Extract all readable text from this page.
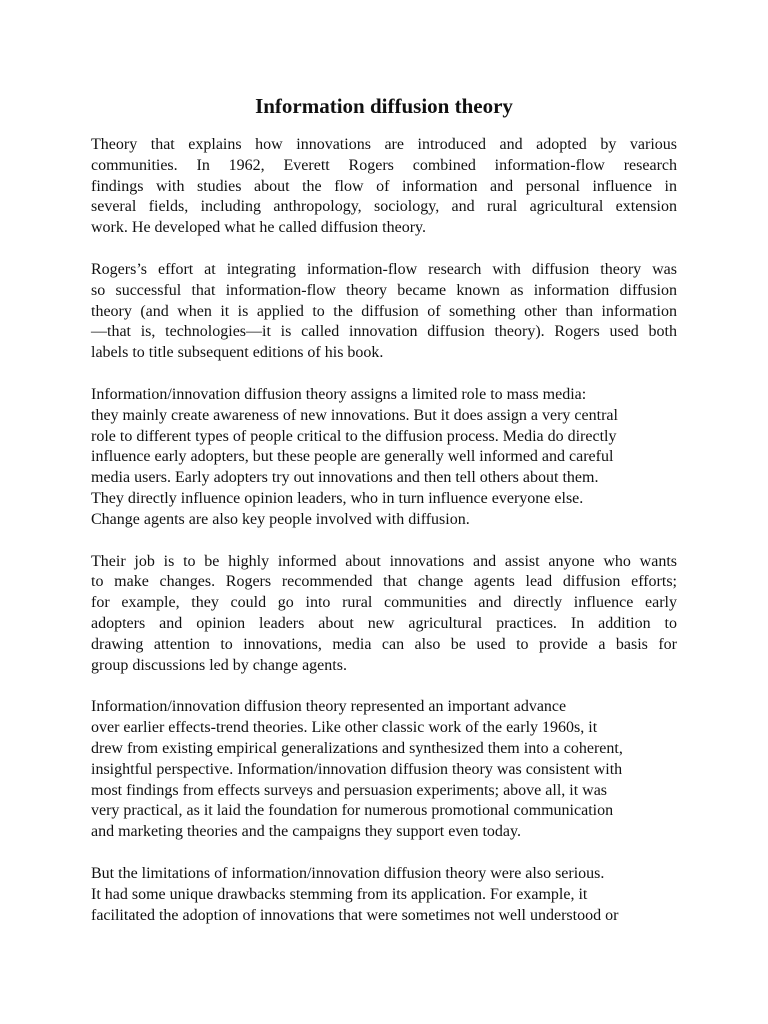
Information diffusion theory

Theory that explains how innovations are introduced and adopted by various
communities. In 1962, Everett Rogers combined information-flow research
findings with studies about the flow of information and personal influence in
several fields, including anthropology, sociology, and rural agricultural extension
work. He developed what he called diffusion theory.

Rogers’s effort at integrating information-flow research with diffusion theory was
so successful that information-flow theory became known as information diffusion
theory (and when it is applied to the diffusion of something other than information
—that is, technologies—it is called innovation diffusion theory). Rogers used both
labels to title subsequent editions of his book.

Information/innovation diffusion theory assigns a limited role to mass media:
they mainly create awareness of new innovations. But it does assign a very central
role to different types of people critical to the diffusion process. Media do directly
influence early adopters, but these people are generally well informed and careful
media users. Early adopters try out innovations and then tell others about them.
They directly influence opinion leaders, who in turn influence everyone else.
Change agents are also key people involved with diffusion.

Their job is to be highly informed about innovations and assist anyone who wants
to make changes. Rogers recommended that change agents lead diffusion efforts;
for example, they could go into rural communities and directly influence early
adopters and opinion leaders about new agricultural practices. In addition to
drawing attention to innovations, media can also be used to provide a basis for
group discussions led by change agents.

Information/innovation diffusion theory represented an important advance
over earlier effects-trend theories. Like other classic work of the early 1960s, it
drew from existing empirical generalizations and synthesized them into a coherent,
insightful perspective. Information/innovation diffusion theory was consistent with
most findings from effects surveys and persuasion experiments; above all, it was
very practical, as it laid the foundation for numerous promotional communication
and marketing theories and the campaigns they support even today.

But the limitations of information/innovation diffusion theory were also serious.
It had some unique drawbacks stemming from its application. For example, it
facilitated the adoption of innovations that were sometimes not well understood or
